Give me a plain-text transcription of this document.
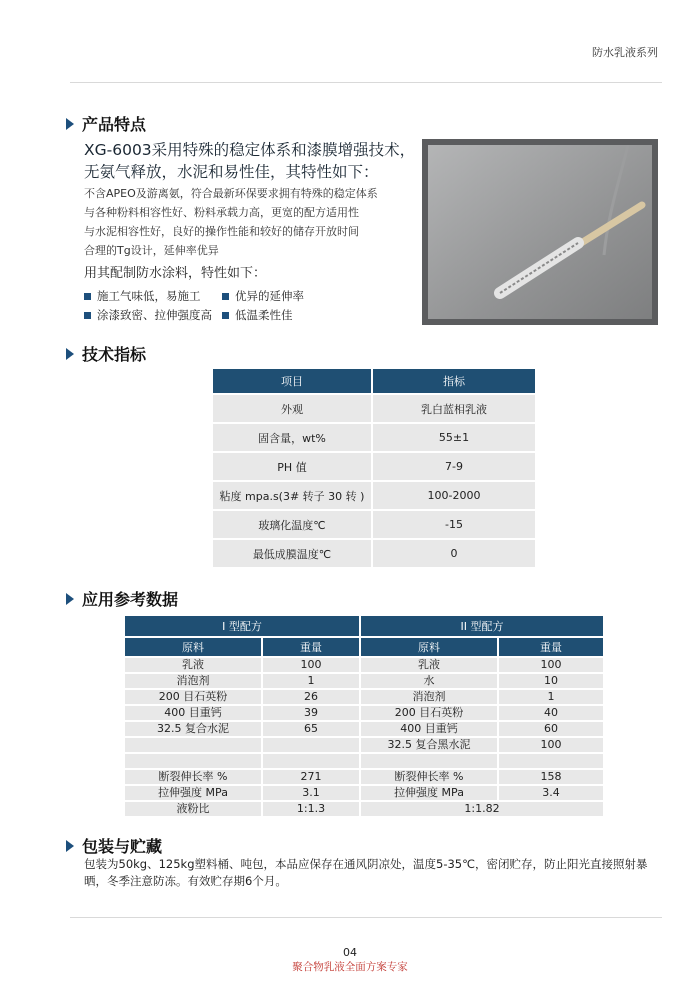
防水乳液系列
产品特点
XG-6003采用特殊的稳定体系和漆膜增强技术，无氨气释放，水泥和易性佳，其特性如下：
不含APEO及游离氨，符合最新环保要求拥有特殊的稳定体系
与各种粉料相容性好、粉料承载力高，更宽的配方适用性
与水泥相容性好，良好的操作性能和较好的储存开放时间
合理的Tg设计，延伸率优异
用其配制防水涂料，特性如下：
施工气味低，易施工	优异的延伸率
涂漆致密、拉伸强度高 低温柔性佳
技术指标
项目	指标
外观	乳白蓝相乳液
固含量，wt%	55±1
PH 值	7-9
粘度 mpa.s(3# 转子 30 转 )	100-2000
玻璃化温度℃	-15
最低成膜温度℃	0
应用参考数据
I 型配方		II 型配方	
原料	重量	原料	重量
乳液	100	乳液	100
消泡剂	1	水	10
200 目石英粉	26	消泡剂	1
400 目重钙	39	200 目石英粉	40
32.5 复合水泥	65	400 目重钙	60
		32.5 复合黑水泥	100

断裂伸长率 %	271	断裂伸长率 %	158
拉伸强度 MPa	3.1	拉伸强度 MPa	3.4
液粉比	1:1.3	1:1.82	
包装与贮藏
包装为50kg、125kg塑料桶、吨包，本品应保存在通风阴凉处，温度5-35℃，密闭贮存，防止阳光直接照射暴晒，冬季注意防冻。有效贮存期6个月。
04
聚合物乳液全面方案专家
